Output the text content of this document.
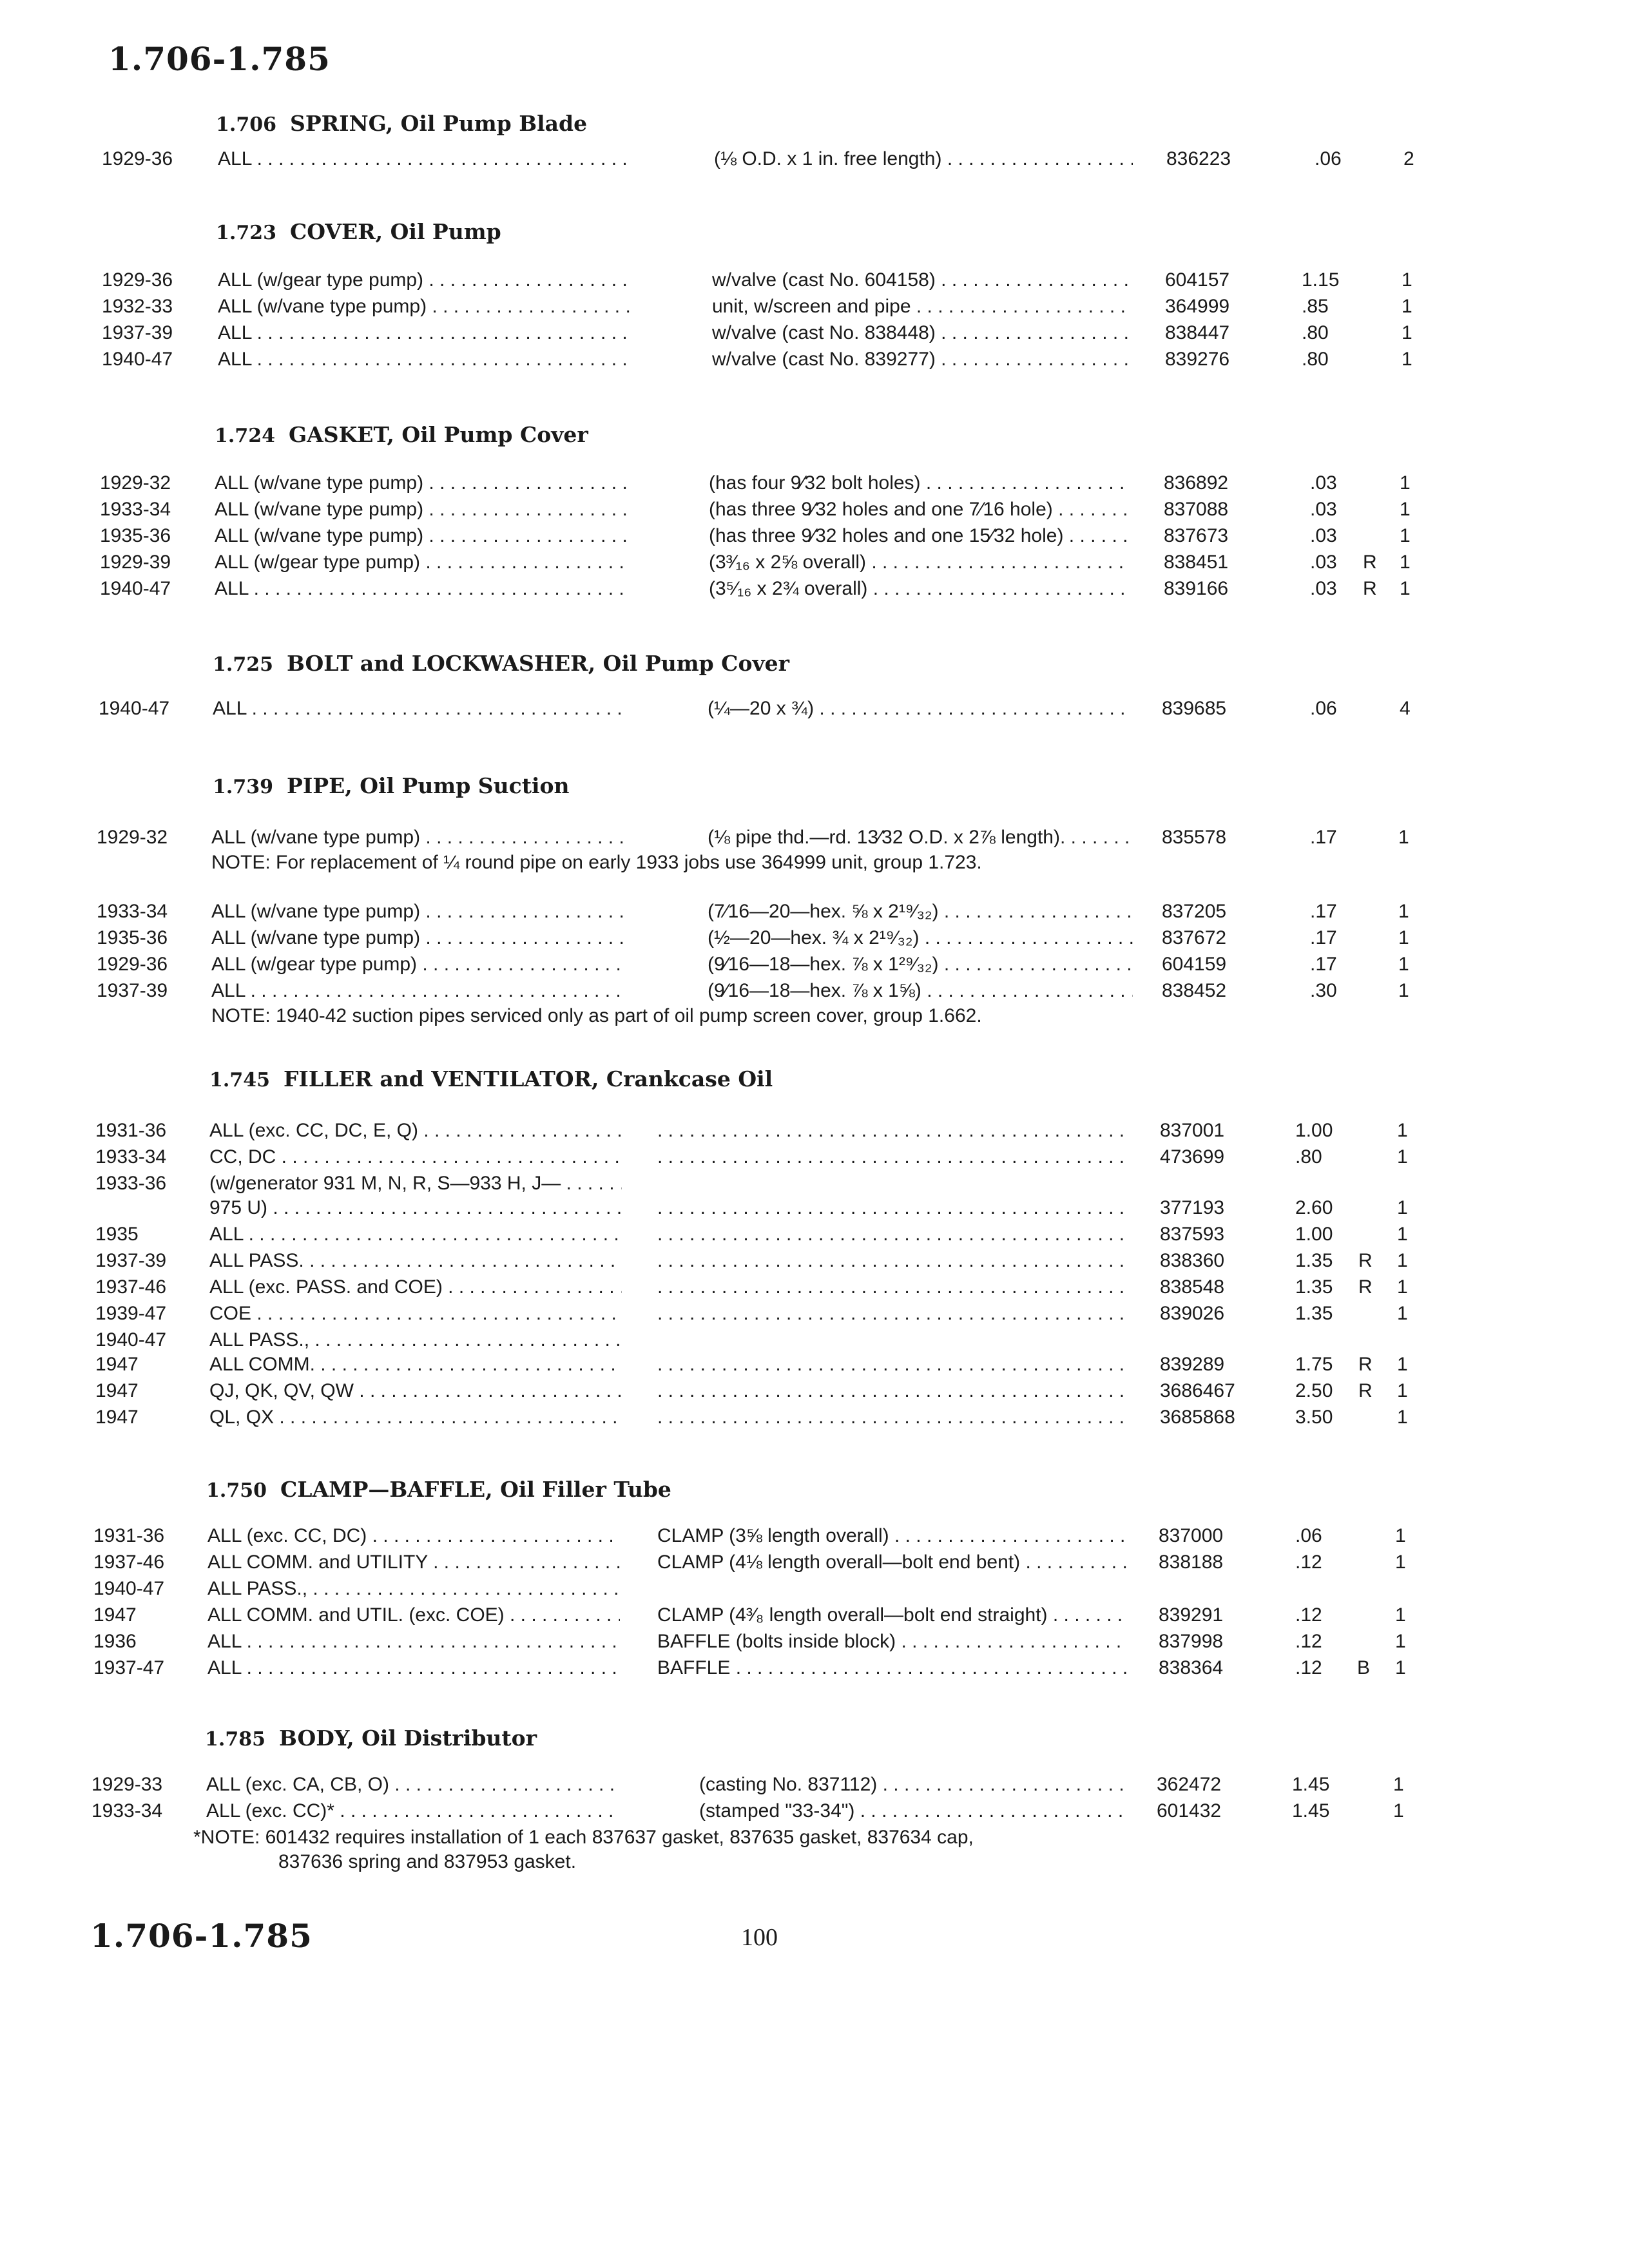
1.706-1.785
1.706 SPRING, Oil Pump Blade
1929-36 ALL . . .	(⅛ O.D. x 1 in. free length) . . .	836223	.06	2
1.723 COVER, Oil Pump
1929-36 ALL (w/gear type pump) . . .	w/valve (cast No. 604158) . . .	604157	1.15	1
1932-33 ALL (w/vane type pump) . . .	unit, w/screen and pipe . . .	364999	.85	1
1937-39 ALL . . .	w/valve (cast No. 838448) . . .	838447	.80	1
1940-47 ALL . . .	w/valve (cast No. 839277) . . .	839276	.80	1
1.724 GASKET, Oil Pump Cover
1929-32 ALL (w/vane type pump) . . .	(has four 9⁄32 bolt holes) . . .	836892	.03	1
1933-34 ALL (w/vane type pump) . . .	(has three 9⁄32 holes and one 7⁄16 hole) . . .	837088	.03	1
1935-36 ALL (w/vane type pump) . . .	(has three 9⁄32 holes and one 15⁄32 hole) . . .	837673	.03	1
1929-39 ALL (w/gear type pump) . . .	(3³⁄₁₆ x 2⅝ overall) . . .	838451	.03 R 1
1940-47 ALL . . .	(3⁵⁄₁₆ x 2¾ overall) . . .	839166	.03 R 1
1.725 BOLT and LOCKWASHER, Oil Pump Cover
1940-47 ALL . . .	(¼—20 x ¾) . . .	839685	.06	4
1.739 PIPE, Oil Pump Suction
1929-32 ALL (w/vane type pump) . . .	(⅛ pipe thd.—rd. 13⁄32 O.D. x 2⅞ length). . . .	835578	.17	1
1933-34 ALL (w/vane type pump) . . .	(7⁄16—20—hex. ⅝ x 2¹⁹⁄₃₂) . . .	837205	.17	1
1935-36 ALL (w/vane type pump) . . .	(½—20—hex. ¾ x 2¹⁹⁄₃₂) . . .	837672	.17	1
1929-36 ALL (w/gear type pump) . . .	(9⁄16—18—hex. ⅞ x 1²⁹⁄₃₂) . . .	604159	.17	1
1937-39 ALL . . .	(9⁄16—18—hex. ⅞ x 1⅝) . . .	838452	.30	1
NOTE: For replacement of ¼ round pipe on early 1933 jobs use 364999 unit, group 1.723.
NOTE: 1940-42 suction pipes serviced only as part of oil pump screen cover, group 1.662.
1.745 FILLER and VENTILATOR, Crankcase Oil
1931-36 ALL (exc. CC, DC, E, Q) . . . . . .	837001	1.00	1
1933-34 CC, DC . . . . . .	473699	.80	1
1933-36 (w/generator 931 M, N, R, S—933 H, J— . . .
975 U) . . . . . .	377193	2.60	1
1935	ALL . . . . . .	837593	1.00	1
1937-39 ALL PASS. . . . . . .	838360	1.35 R 1
1937-46 ALL (exc. PASS. and COE) . . . . . .	838548	1.35 R 1
1939-47 COE . . . . . .	839026	1.35	1
1940-47 ALL PASS., . . .
1947	ALL COMM. . . . . . .	839289	1.75 R 1
1947	QJ, QK, QV, QW . . . . . .	3686467	2.50 R 1
1947	QL, QX . . . . . .	3685868	3.50	1
1.750 CLAMP—BAFFLE, Oil Filler Tube
1931-36 ALL (exc. CC, DC) . . .	CLAMP (3⅝ length overall) . . .	837000	.06	1
1937-46 ALL COMM. and UTILITY . . .	CLAMP (4⅛ length overall—bolt end bent) . . .	838188	.12	1
1940-47 ALL PASS., . . .
1947	ALL COMM. and UTIL. (exc. COE) . . .	CLAMP (4³⁄₈ length overall—bolt end straight) . . .	839291	.12	1
1936	ALL . . .	BAFFLE (bolts inside block) . . .	837998	.12	1
1937-47 ALL . . .	BAFFLE . . .	838364	.12 B 1
1.785 BODY, Oil Distributor
1929-33 ALL (exc. CA, CB, O) . . .	(casting No. 837112) . . .	362472	1.45	1
1933-34 ALL (exc. CC)* . . .	(stamped "33-34") . . .	601432	1.45	1
*NOTE: 601432 requires installation of 1 each 837637 gasket, 837635 gasket, 837634 cap,
837636 spring and 837953 gasket.
1.706-1.785	100
